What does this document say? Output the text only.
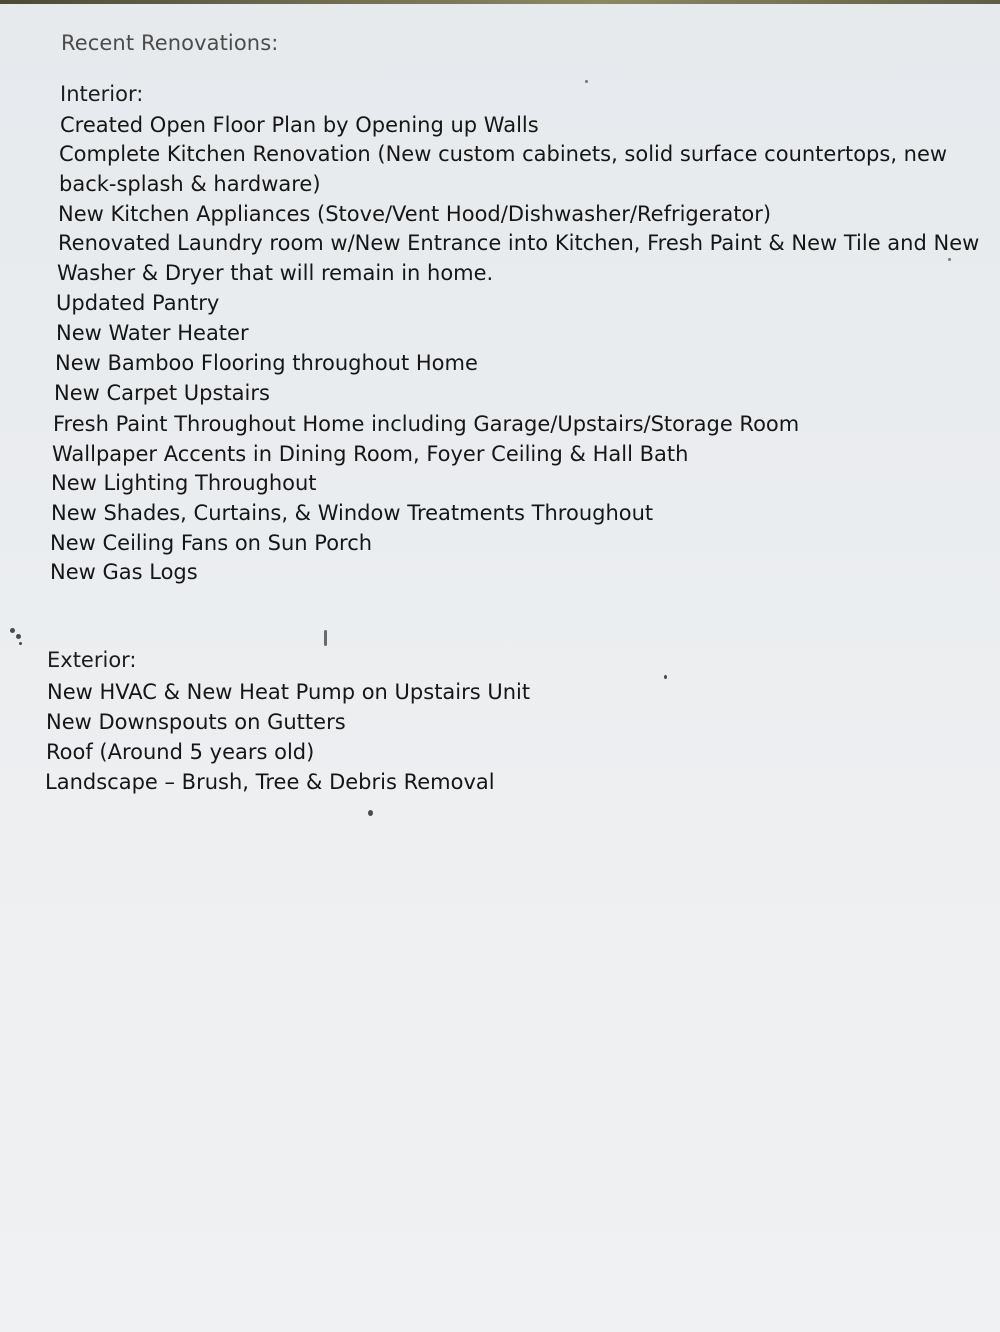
Recent Renovations:
Interior:
Created Open Floor Plan by Opening up Walls
Complete Kitchen Renovation (New custom cabinets, solid surface countertops, new
back-splash & hardware)
New Kitchen Appliances (Stove/Vent Hood/Dishwasher/Refrigerator)
Renovated Laundry room w/New Entrance into Kitchen, Fresh Paint & New Tile and New
Washer & Dryer that will remain in home.
Updated Pantry
New Water Heater
New Bamboo Flooring throughout Home
New Carpet Upstairs
Fresh Paint Throughout Home including Garage/Upstairs/Storage Room
Wallpaper Accents in Dining Room, Foyer Ceiling & Hall Bath
New Lighting Throughout
New Shades, Curtains, & Window Treatments Throughout
New Ceiling Fans on Sun Porch
New Gas Logs
Exterior:
New HVAC & New Heat Pump on Upstairs Unit
New Downspouts on Gutters
Roof (Around 5 years old)
Landscape – Brush, Tree & Debris Removal
